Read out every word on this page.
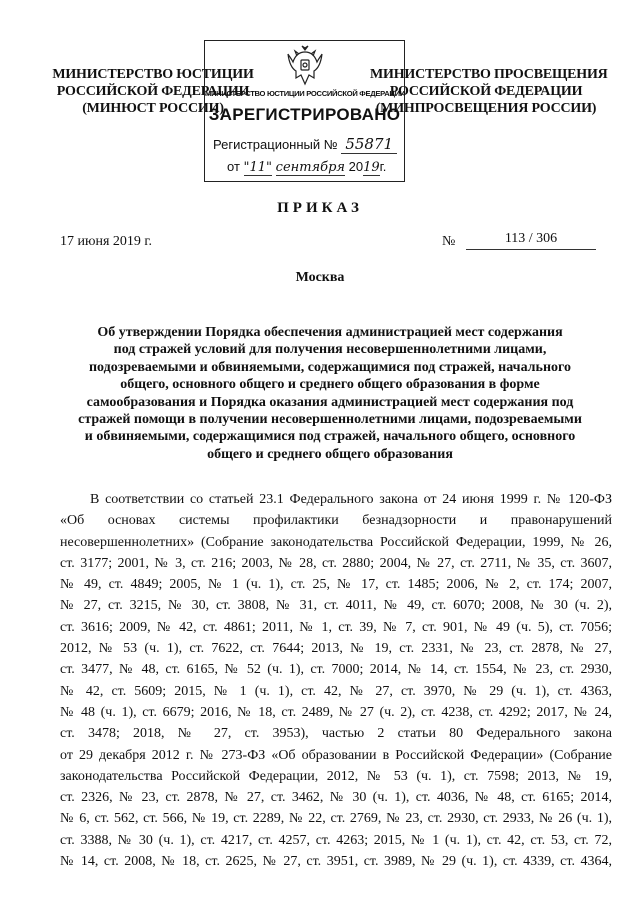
МИНИСТЕРСТВО ЮСТИЦИИ
РОССИЙСКОЙ ФЕДЕРАЦИИ
(МИНЮСТ РОССИИ)
МИНИСТЕРСТВО ПРОСВЕЩЕНИЯ
РОССИЙСКОЙ ФЕДЕРАЦИИ
(МИНПРОСВЕЩЕНИЯ РОССИИ)
МИНИСТЕРСТВО ЮСТИЦИИ РОССИЙСКОЙ ФЕДЕРАЦИИ
ЗАРЕГИСТРИРОВАНО
Регистрационный № 55871
от "11" сентября 2019г.
ПРИКАЗ
17 июня 2019 г.	№	113 / 306
Москва
Об утверждении Порядка обеспечения администрацией мест содержания
под стражей условий для получения несовершеннолетними лицами,
подозреваемыми и обвиняемыми, содержащимися под стражей, начального
общего, основного общего и среднего общего образования в форме
самообразования и Порядка оказания администрацией мест содержания под
стражей помощи в получении несовершеннолетними лицами, подозреваемыми
и обвиняемыми, содержащимися под стражей, начального общего, основного
общего и среднего общего образования
В соответствии со статьей 23.1 Федерального закона от 24 июня 1999 г. № 120-ФЗ
«Об основах системы профилактики безнадзорности и правонарушений
несовершеннолетних» (Собрание законодательства Российской Федерации, 1999, № 26,
ст. 3177; 2001, № 3, ст. 216; 2003, № 28, ст. 2880; 2004, № 27, ст. 2711, № 35, ст. 3607,
№ 49, ст. 4849; 2005, № 1 (ч. 1), ст. 25, № 17, ст. 1485; 2006, № 2, ст. 174; 2007,
№ 27, ст. 3215, № 30, ст. 3808, № 31, ст. 4011, № 49, ст. 6070; 2008, № 30 (ч. 2),
ст. 3616; 2009, № 42, ст. 4861; 2011, № 1, ст. 39, № 7, ст. 901, № 49 (ч. 5), ст. 7056;
2012, № 53 (ч. 1), ст. 7622, ст. 7644; 2013, № 19, ст. 2331, № 23, ст. 2878, № 27,
ст. 3477, № 48, ст. 6165, № 52 (ч. 1), ст. 7000; 2014, № 14, ст. 1554, № 23, ст. 2930,
№ 42, ст. 5609; 2015, № 1 (ч. 1), ст. 42, № 27, ст. 3970, № 29 (ч. 1), ст. 4363,
№ 48 (ч. 1), ст. 6679; 2016, № 18, ст. 2489, № 27 (ч. 2), ст. 4238, ст. 4292; 2017, № 24,
ст. 3478; 2018, № 27, ст. 3953), частью 2 статьи 80 Федерального закона
от 29 декабря 2012 г. № 273-ФЗ «Об образовании в Российской Федерации» (Собрание
законодательства Российской Федерации, 2012, № 53 (ч. 1), ст. 7598; 2013, № 19,
ст. 2326, № 23, ст. 2878, № 27, ст. 3462, № 30 (ч. 1), ст. 4036, № 48, ст. 6165; 2014,
№ 6, ст. 562, ст. 566, № 19, ст. 2289, № 22, ст. 2769, № 23, ст. 2930, ст. 2933, № 26 (ч. 1),
ст. 3388, № 30 (ч. 1), ст. 4217, ст. 4257, ст. 4263; 2015, № 1 (ч. 1), ст. 42, ст. 53, ст. 72,
№ 14, ст. 2008, № 18, ст. 2625, № 27, ст. 3951, ст. 3989, № 29 (ч. 1), ст. 4339, ст. 4364,
